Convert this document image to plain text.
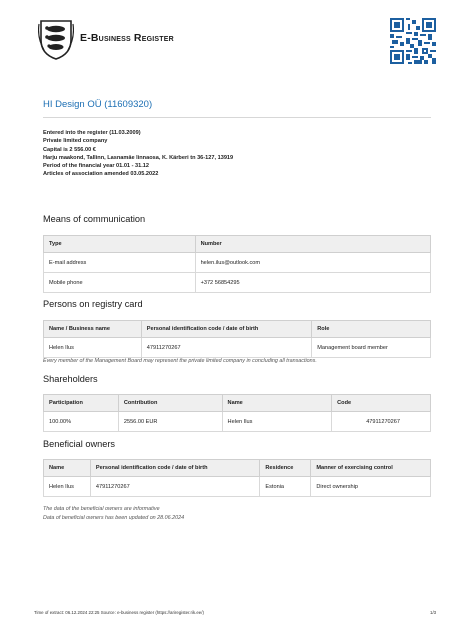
E-Business Register
HI Design OÜ (11609320)
Entered into the register (11.03.2009)
Private limited company
Capital is 2 556.00 €
Harju maakond, Tallinn, Lasnamäe linnaosa, K. Kärberi tn 36-127, 13919
Period of the financial year 01.01 - 31.12
Articles of association amended 03.05.2022
Means of communication
Type	Number
E-mail address	helen.ilus@outlook.com
Mobile phone	+372 56854295
Persons on registry card
Name / Business name	Personal identification code / date of birth	Role
Helen Ilus	47911270267	Management board member
Every member of the Management Board may represent the private limited company in concluding all transactions.
Shareholders
Participation	Contribution	Name	Code
100.00%	2556.00 EUR	Helen Ilus	47911270267
Beneficial owners
Name	Personal identification code / date of birth	Residence	Manner of exercising control
Helen Ilus	47911270267	Estonia	Direct ownership
The data of the beneficial owners are informative
Data of beneficial owners has been updated on 28.06.2024
Time of extract: 06.12.2024 22:25 Source: e-business register (https://ariregister.rik.ee/)	1/3
